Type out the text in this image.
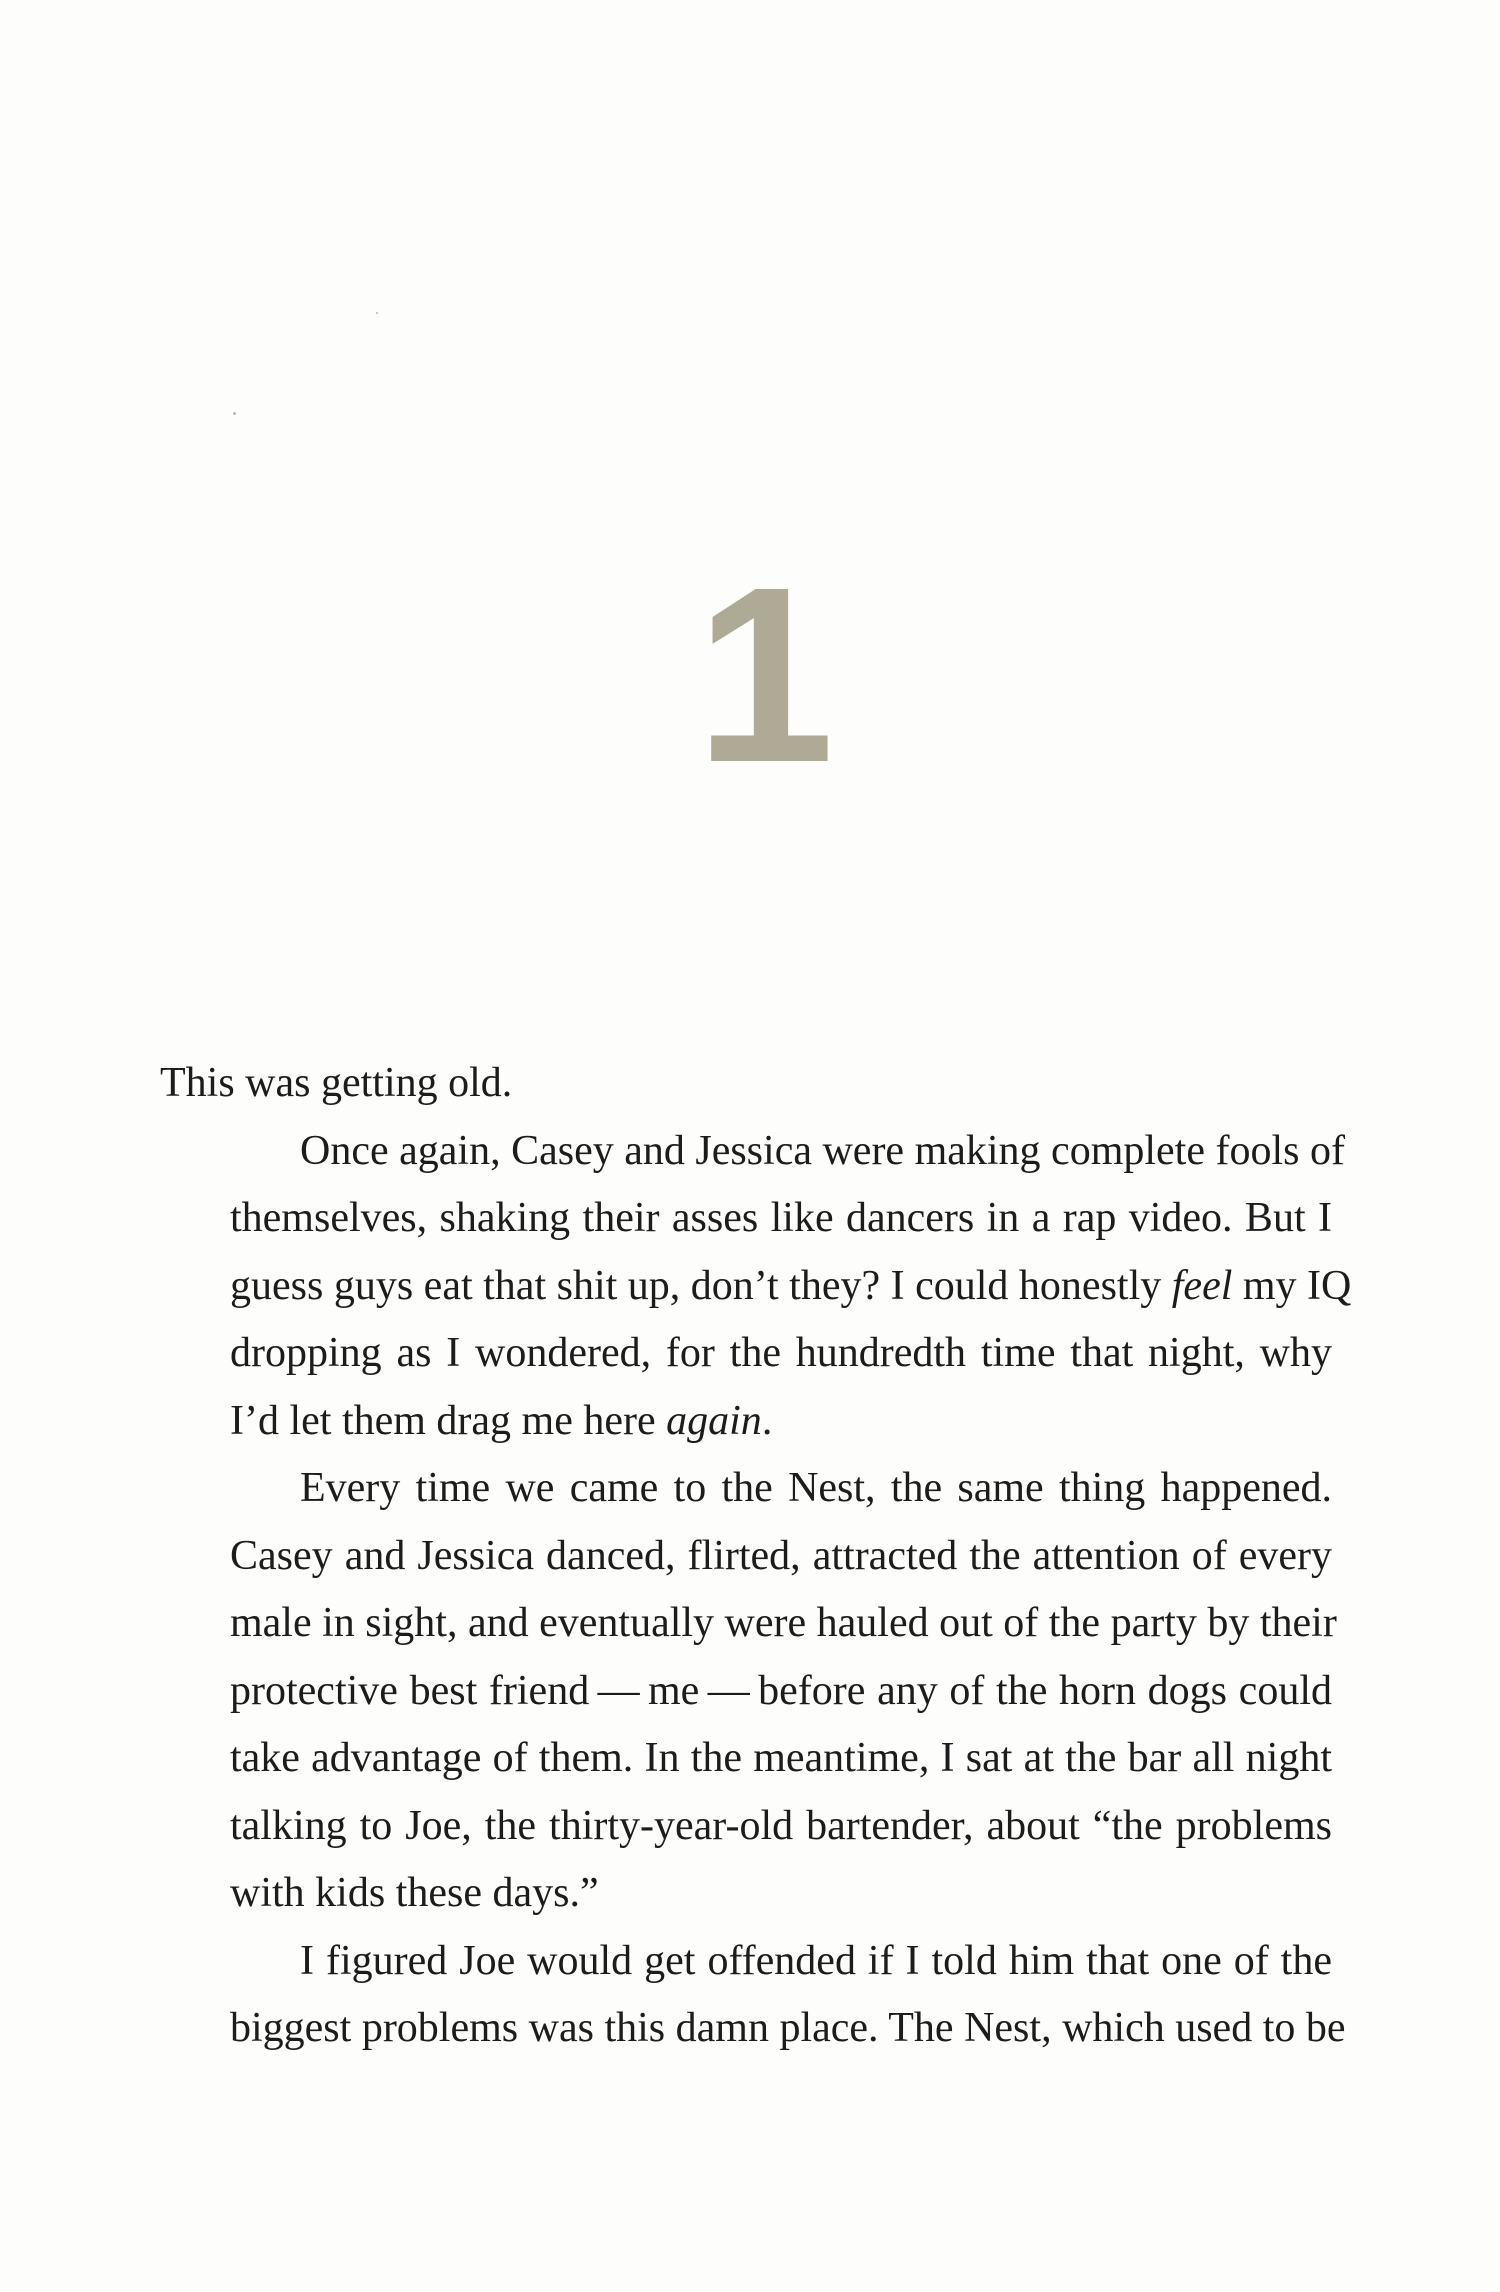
1

This was getting old.

Once again, Casey and Jessica were making complete fools of
themselves, shaking their asses like dancers in a rap video. But I
guess guys eat that shit up, don’t they? I could honestly feel my IQ
dropping as I wondered, for the hundredth time that night, why
I’d let them drag me here again.

Every time we came to the Nest, the same thing happened.
Casey and Jessica danced, flirted, attracted the attention of every
male in sight, and eventually were hauled out of the party by their
protective best friend — me — before any of the horn dogs could
take advantage of them. In the meantime, I sat at the bar all night
talking to Joe, the thirty-year-old bartender, about “the problems
with kids these days.”

I figured Joe would get offended if I told him that one of the
biggest problems was this damn place. The Nest, which used to be
